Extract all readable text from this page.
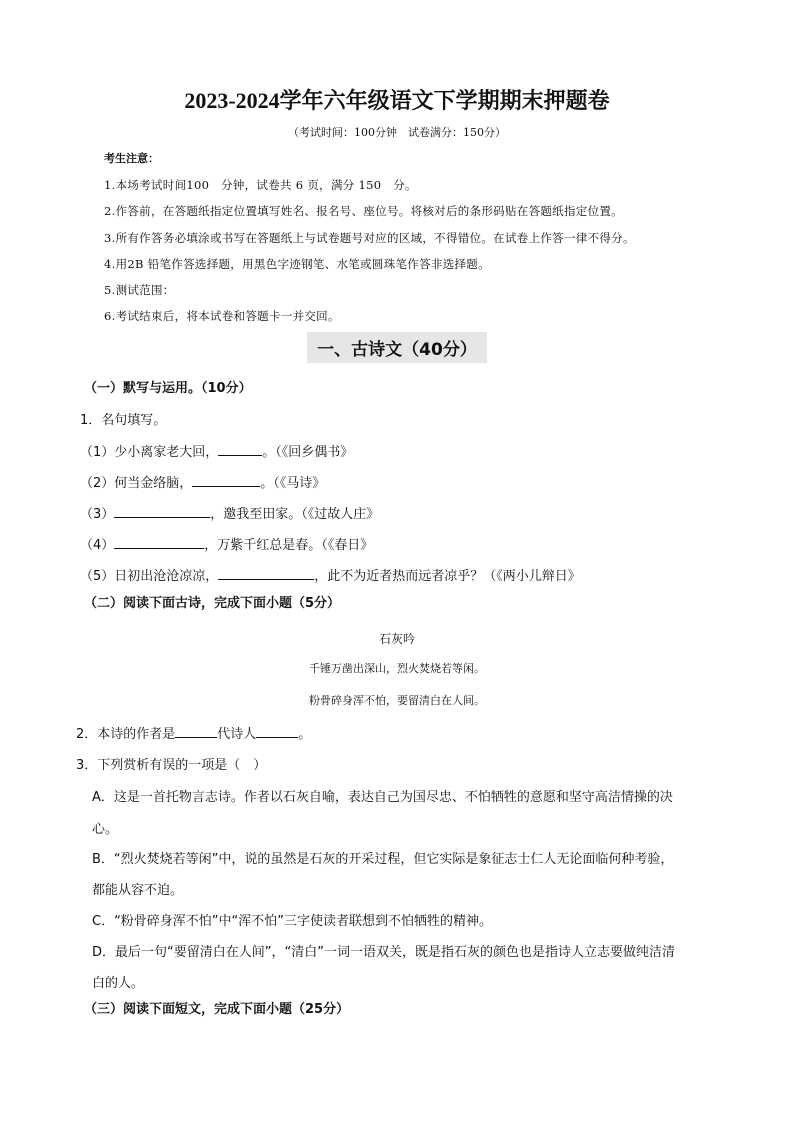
2023-2024学年六年级语文下学期期末押题卷
（考试时间：100分钟　试卷满分：150分）
考生注意：
1.本场考试时间100　分钟，试卷共 6 页，满分 150　分。
2.作答前，在答题纸指定位置填写姓名、报名号、座位号。将核对后的条形码贴在答题纸指定位置。
3.所有作答务必填涂或书写在答题纸上与试卷题号对应的区域，不得错位。在试卷上作答一律不得分。
4.用2B 铅笔作答选择题，用黑色字迹钢笔、水笔或圆珠笔作答非选择题。
5.测试范围：
6.考试结束后，将本试卷和答题卡一并交回。
一、古诗文（40分）
（一）默写与运用。（10分）
1．名句填写。
（1）少小离家老大回，	。（《回乡偶书》
（2）何当金络脑，	。（《马诗》
（3）	，邀我至田家。（《过故人庄》
（4）	，万紫千红总是春。（《春日》
（5）日初出沧沧凉凉，	，此不为近者热而远者凉乎？（《两小儿辩日》
（二）阅读下面古诗，完成下面小题（5分）
石灰吟
千锤万凿出深山，烈火焚烧若等闲。
粉骨碎身浑不怕，要留清白在人间。
2．本诗的作者是	代诗人	。
3．下列赏析有误的一项是（　）
A．这是一首托物言志诗。作者以石灰自喻，表达自己为国尽忠、不怕牺牲的意愿和坚守高洁情操的决
心。
B．“烈火焚烧若等闲”中，说的虽然是石灰的开采过程，但它实际是象征志士仁人无论面临何种考验，
都能从容不迫。
C．“粉骨碎身浑不怕”中“浑不怕”三字使读者联想到不怕牺牲的精神。
D．最后一句“要留清白在人间”，“清白”一词一语双关，既是指石灰的颜色也是指诗人立志要做纯洁清
白的人。
（三）阅读下面短文，完成下面小题（25分）
